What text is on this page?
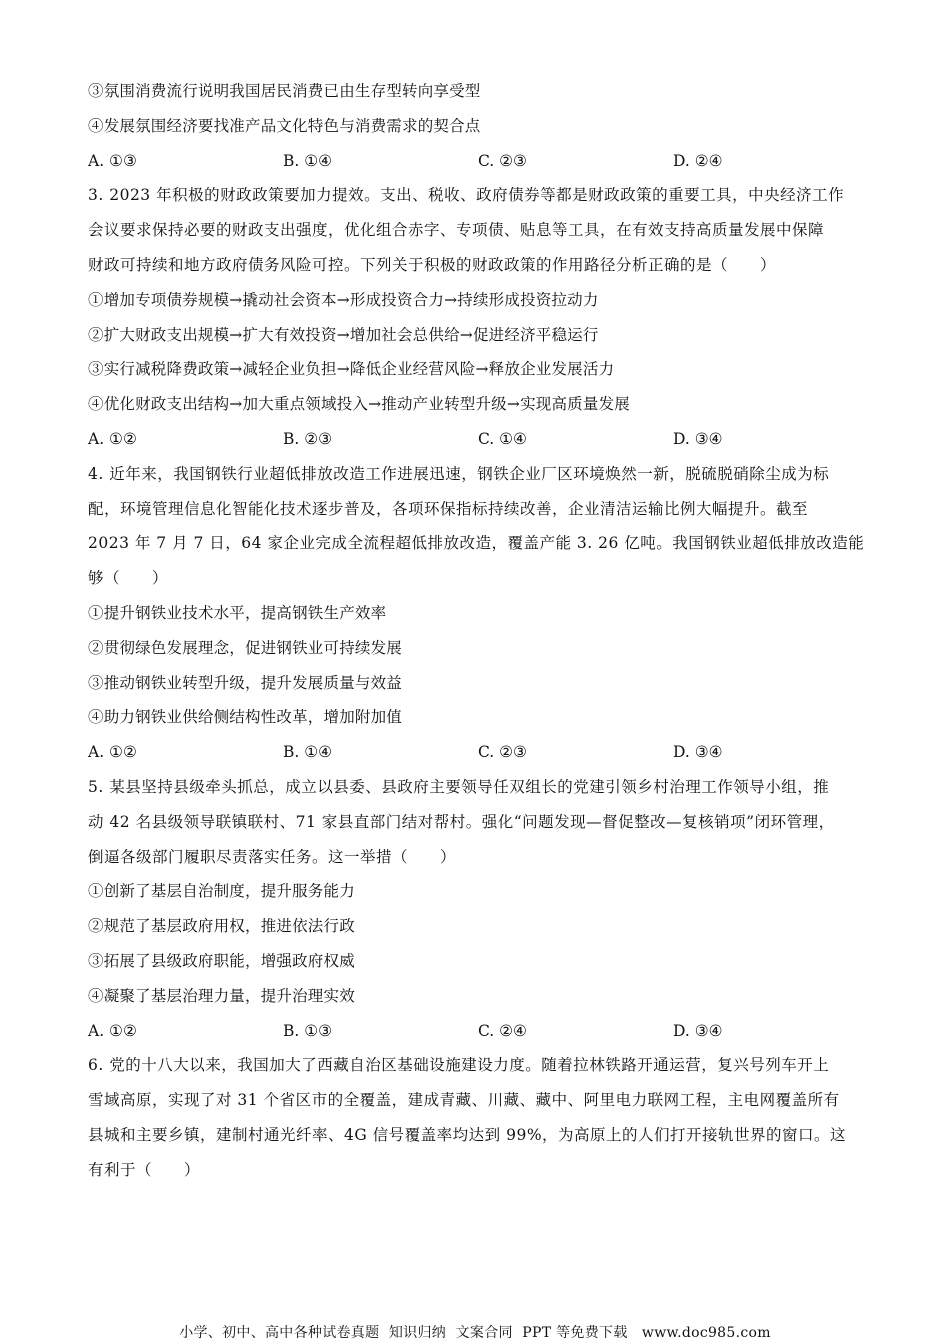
③氛围消费流行说明我国居民消费已由生存型转向享受型
④发展氛围经济要找准产品文化特色与消费需求的契合点
A. ①③	B. ①④	C. ②③	D. ②④
3. 2023 年积极的财政政策要加力提效。支出、税收、政府债券等都是财政政策的重要工具，中央经济工作
会议要求保持必要的财政支出强度，优化组合赤字、专项债、贴息等工具，在有效支持高质量发展中保障
财政可持续和地方政府债务风险可控。下列关于积极的财政政策的作用路径分析正确的是（　　）
①增加专项债券规模→撬动社会资本→形成投资合力→持续形成投资拉动力
②扩大财政支出规模→扩大有效投资→增加社会总供给→促进经济平稳运行
③实行减税降费政策→减轻企业负担→降低企业经营风险→释放企业发展活力
④优化财政支出结构→加大重点领域投入→推动产业转型升级→实现高质量发展
A. ①②	B. ②③	C. ①④	D. ③④
4. 近年来，我国钢铁行业超低排放改造工作进展迅速，钢铁企业厂区环境焕然一新，脱硫脱硝除尘成为标
配，环境管理信息化智能化技术逐步普及，各项环保指标持续改善，企业清洁运输比例大幅提升。截至
2023 年 7 月 7 日，64 家企业完成全流程超低排放改造，覆盖产能 3. 26 亿吨。我国钢铁业超低排放改造能
够（　　）
①提升钢铁业技术水平，提高钢铁生产效率
②贯彻绿色发展理念，促进钢铁业可持续发展
③推动钢铁业转型升级，提升发展质量与效益
④助力钢铁业供给侧结构性改革，增加附加值
A. ①②	B. ①④	C. ②③	D. ③④
5. 某县坚持县级牵头抓总，成立以县委、县政府主要领导任双组长的党建引领乡村治理工作领导小组，推
动 42 名县级领导联镇联村、71 家县直部门结对帮村。强化“问题发现—督促整改—复核销项”闭环管理，
倒逼各级部门履职尽责落实任务。这一举措（　　）
①创新了基层自治制度，提升服务能力
②规范了基层政府用权，推进依法行政
③拓展了县级政府职能，增强政府权威
④凝聚了基层治理力量，提升治理实效
A. ①②	B. ①③	C. ②④	D. ③④
6. 党的十八大以来，我国加大了西藏自治区基础设施建设力度。随着拉林铁路开通运营，复兴号列车开上
雪域高原，实现了对 31 个省区市的全覆盖，建成青藏、川藏、藏中、阿里电力联网工程，主电网覆盖所有
县城和主要乡镇，建制村通光纤率、4G 信号覆盖率均达到 99%，为高原上的人们打开接轨世界的窗口。这
有利于（　　）
小学、初中、高中各种试卷真题  知识归纳  文案合同  PPT 等免费下载 www.doc985.com
